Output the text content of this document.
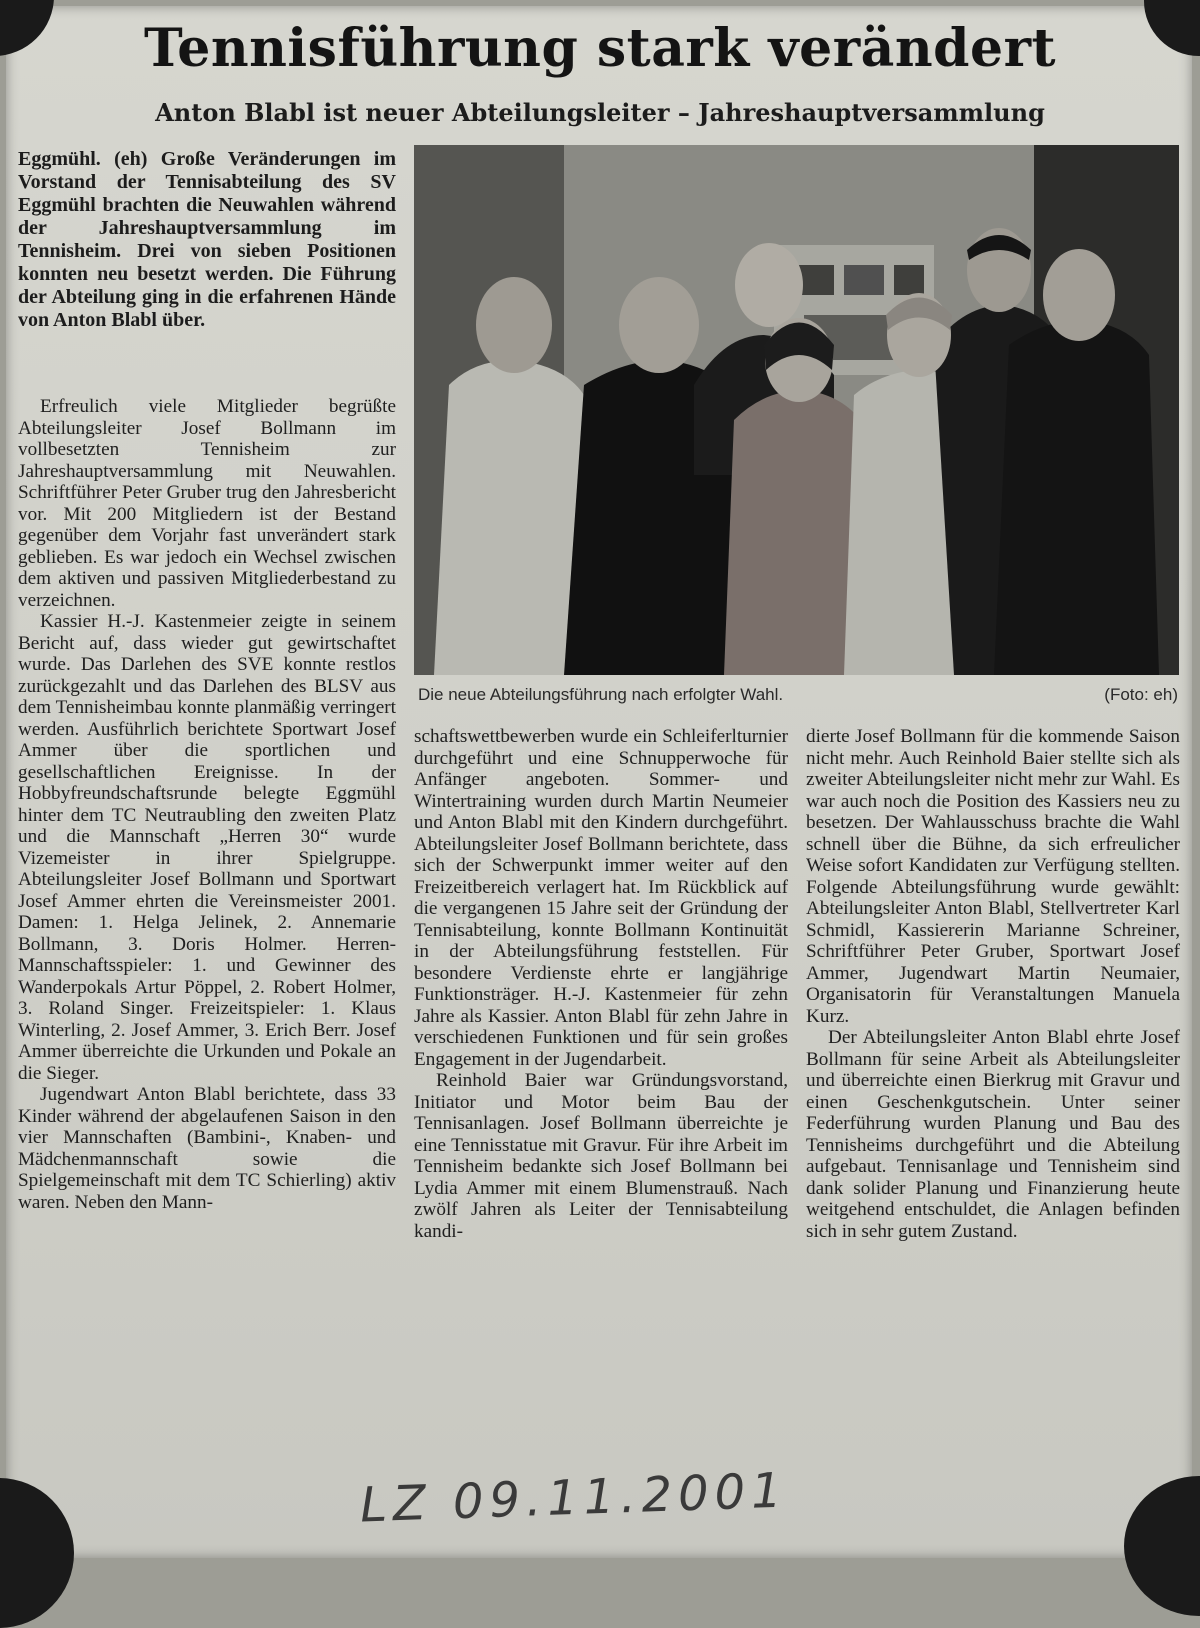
Tennisführung stark verändert
Anton Blabl ist neuer Abteilungsleiter – Jahreshauptversammlung

Eggmühl. (eh) Große Veränderungen im Vorstand der Tennisabteilung des SV Eggmühl brachten die Neuwahlen während der Jahreshauptversammlung im Tennisheim. Drei von sieben Positionen konnten neu besetzt werden. Die Führung der Abteilung ging in die erfahrenen Hände von Anton Blabl über.

Die neue Abteilungsführung nach erfolgter Wahl.	(Foto: eh)

Erfreulich viele Mitglieder begrüßte Abteilungsleiter Josef Bollmann im vollbesetzten Tennisheim zur Jahreshauptversammlung mit Neuwahlen. Schriftführer Peter Gruber trug den Jahresbericht vor. Mit 200 Mitgliedern ist der Bestand gegenüber dem Vorjahr fast unverändert stark geblieben. Es war jedoch ein Wechsel zwischen dem aktiven und passiven Mitgliederbestand zu verzeichnen.

Kassier H.-J. Kastenmeier zeigte in seinem Bericht auf, dass wieder gut gewirtschaftet wurde. Das Darlehen des SVE konnte restlos zurückgezahlt und das Darlehen des BLSV aus dem Tennisheimbau konnte planmäßig verringert werden. Ausführlich berichtete Sportwart Josef Ammer über die sportlichen und gesellschaftlichen Ereignisse. In der Hobbyfreundschaftsrunde belegte Eggmühl hinter dem TC Neutraubling den zweiten Platz und die Mannschaft „Herren 30“ wurde Vizemeister in ihrer Spielgruppe. Abteilungsleiter Josef Bollmann und Sportwart Josef Ammer ehrten die Vereinsmeister 2001. Damen: 1. Helga Jelinek, 2. Annemarie Bollmann, 3. Doris Holmer. Herren-Mannschaftsspieler: 1. und Gewinner des Wanderpokals Artur Pöppel, 2. Robert Holmer, 3. Roland Singer. Freizeitspieler: 1. Klaus Winterling, 2. Josef Ammer, 3. Erich Berr. Josef Ammer überreichte die Urkunden und Pokale an die Sieger.

Jugendwart Anton Blabl berichtete, dass 33 Kinder während der abgelaufenen Saison in den vier Mannschaften (Bambini-, Knaben- und Mädchenmannschaft sowie die Spielgemeinschaft mit dem TC Schierling) aktiv waren. Neben den Mann-

schaftswettbewerben wurde ein Schleiferlturnier durchgeführt und eine Schnupperwoche für Anfänger angeboten. Sommer- und Wintertraining wurden durch Martin Neumeier und Anton Blabl mit den Kindern durchgeführt. Abteilungsleiter Josef Bollmann berichtete, dass sich der Schwerpunkt immer weiter auf den Freizeitbereich verlagert hat. Im Rückblick auf die vergangenen 15 Jahre seit der Gründung der Tennisabteilung, konnte Bollmann Kontinuität in der Abteilungsführung feststellen. Für besondere Verdienste ehrte er langjährige Funktionsträger. H.-J. Kastenmeier für zehn Jahre als Kassier. Anton Blabl für zehn Jahre in verschiedenen Funktionen und für sein großes Engagement in der Jugendarbeit.

Reinhold Baier war Gründungsvorstand, Initiator und Motor beim Bau der Tennisanlagen. Josef Bollmann überreichte je eine Tennisstatue mit Gravur. Für ihre Arbeit im Tennisheim bedankte sich Josef Bollmann bei Lydia Ammer mit einem Blumenstrauß. Nach zwölf Jahren als Leiter der Tennisabteilung kandi-

dierte Josef Bollmann für die kommende Saison nicht mehr. Auch Reinhold Baier stellte sich als zweiter Abteilungsleiter nicht mehr zur Wahl. Es war auch noch die Position des Kassiers neu zu besetzen. Der Wahlausschuss brachte die Wahl schnell über die Bühne, da sich erfreulicher Weise sofort Kandidaten zur Verfügung stellten. Folgende Abteilungsführung wurde gewählt: Abteilungsleiter Anton Blabl, Stellvertreter Karl Schmidl, Kassiererin Marianne Schreiner, Schriftführer Peter Gruber, Sportwart Josef Ammer, Jugendwart Martin Neumaier, Organisatorin für Veranstaltungen Manuela Kurz.

Der Abteilungsleiter Anton Blabl ehrte Josef Bollmann für seine Arbeit als Abteilungsleiter und überreichte einen Bierkrug mit Gravur und einen Geschenkgutschein. Unter seiner Federführung wurden Planung und Bau des Tennisheims durchgeführt und die Abteilung aufgebaut. Tennisanlage und Tennisheim sind dank solider Planung und Finanzierung heute weitgehend entschuldet, die Anlagen befinden sich in sehr gutem Zustand.

LZ 09.11.2001
